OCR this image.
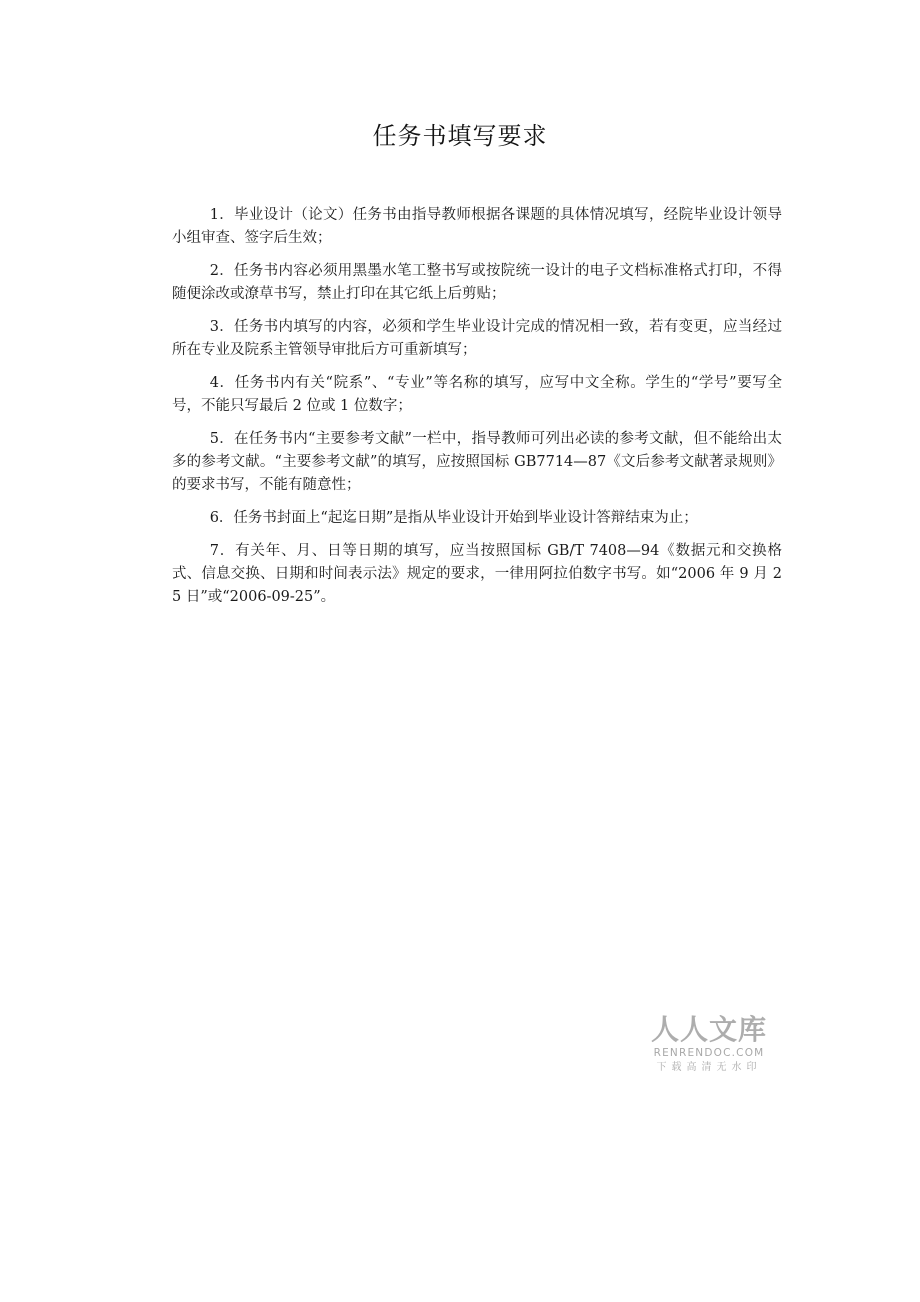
任务书填写要求

1．毕业设计（论文）任务书由指导教师根据各课题的具体情况填写，经院毕业设计领导小组审查、签字后生效；

2．任务书内容必须用黑墨水笔工整书写或按院统一设计的电子文档标准格式打印，不得随便涂改或潦草书写，禁止打印在其它纸上后剪贴；

3．任务书内填写的内容，必须和学生毕业设计完成的情况相一致，若有变更，应当经过所在专业及院系主管领导审批后方可重新填写；

4．任务书内有关“院系”、“专业”等名称的填写，应写中文全称。学生的“学号”要写全号，不能只写最后 2 位或 1 位数字；

5．在任务书内“主要参考文献”一栏中，指导教师可列出必读的参考文献，但不能给出太多的参考文献。“主要参考文献”的填写，应按照国标 GB7714—87《文后参考文献著录规则》的要求书写，不能有随意性；

6．任务书封面上“起迄日期”是指从毕业设计开始到毕业设计答辩结束为止；

7．有关年、月、日等日期的填写，应当按照国标 GB/T 7408—94《数据元和交换格式、信息交换、日期和时间表示法》规定的要求，一律用阿拉伯数字书写。如“2006 年 9 月 25 日”或“2006-09-25”。

人人文库
RENRENDOC.COM
下载高清无水印
